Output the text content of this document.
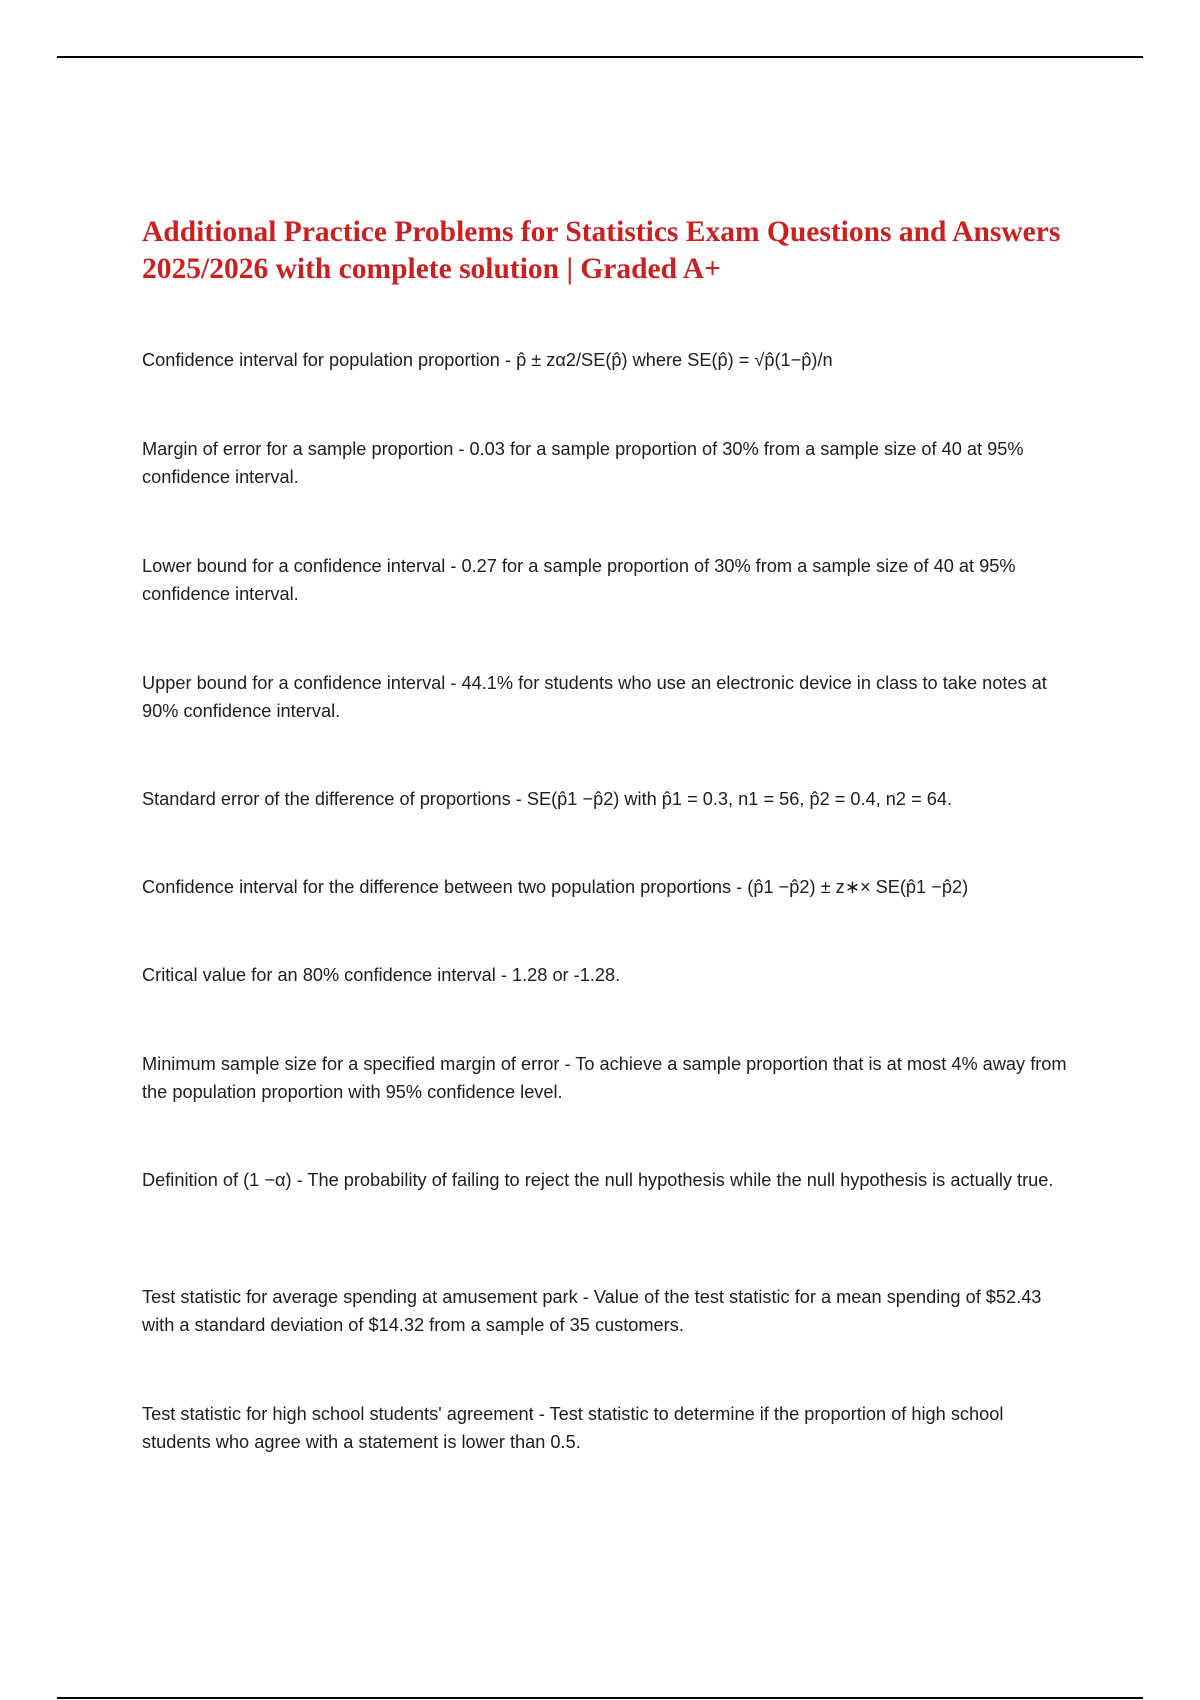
Additional Practice Problems for Statistics Exam Questions and Answers 2025/2026 with complete solution | Graded A+
Confidence interval for population proportion - p̂ ± zα2/SE(p̂) where SE(p̂) = √p̂(1−p̂)/n
Margin of error for a sample proportion - 0.03 for a sample proportion of 30% from a sample size of 40 at 95% confidence interval.
Lower bound for a confidence interval - 0.27 for a sample proportion of 30% from a sample size of 40 at 95% confidence interval.
Upper bound for a confidence interval - 44.1% for students who use an electronic device in class to take notes at 90% confidence interval.
Standard error of the difference of proportions - SE(p̂1 −p̂2) with p̂1 = 0.3, n1 = 56, p̂2 = 0.4, n2 = 64.
Confidence interval for the difference between two population proportions - (p̂1 −p̂2) ± z∗× SE(p̂1 −p̂2)
Critical value for an 80% confidence interval - 1.28 or -1.28.
Minimum sample size for a specified margin of error - To achieve a sample proportion that is at most 4% away from the population proportion with 95% confidence level.
Definition of (1 −α) - The probability of failing to reject the null hypothesis while the null hypothesis is actually true.
Test statistic for average spending at amusement park - Value of the test statistic for a mean spending of $52.43 with a standard deviation of $14.32 from a sample of 35 customers.
Test statistic for high school students' agreement - Test statistic to determine if the proportion of high school students who agree with a statement is lower than 0.5.
